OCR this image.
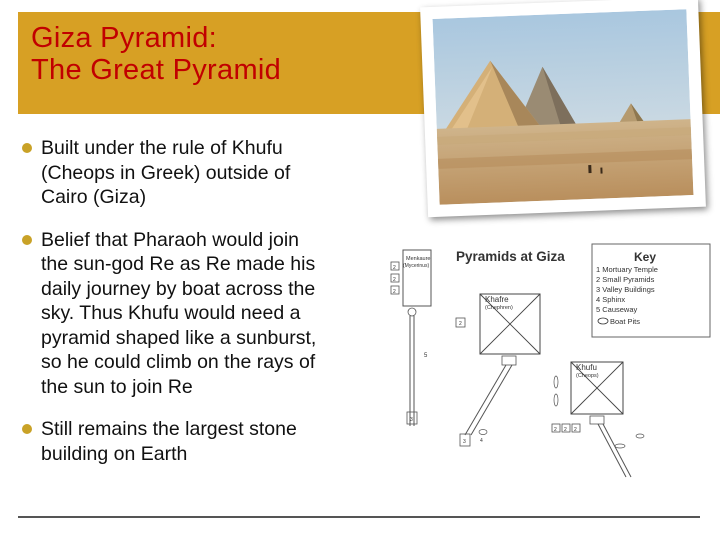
Giza Pyramid:
The Great Pyramid
Built under the rule of Khufu
(Cheops in Greek) outside of
Cairo (Giza)
Belief that Pharaoh would join
the sun-god Re as Re made his
daily journey by boat across the
sky. Thus Khufu would need a
pyramid shaped like a sunburst,
so he could climb on the rays of
the sun to join Re
Still remains the largest stone
building on Earth
Pyramids at Giza	Key
1 Mortuary Temple
2 Small Pyramids
3 Valley Buildings
4 Sphinx
5 Causeway
Boat Pits
Menkaure
(Mycerinus)
2
2
2
5
3
Khafre
(Chephren)
2
3	4
Khufu
(Cheops)
2 2 2
